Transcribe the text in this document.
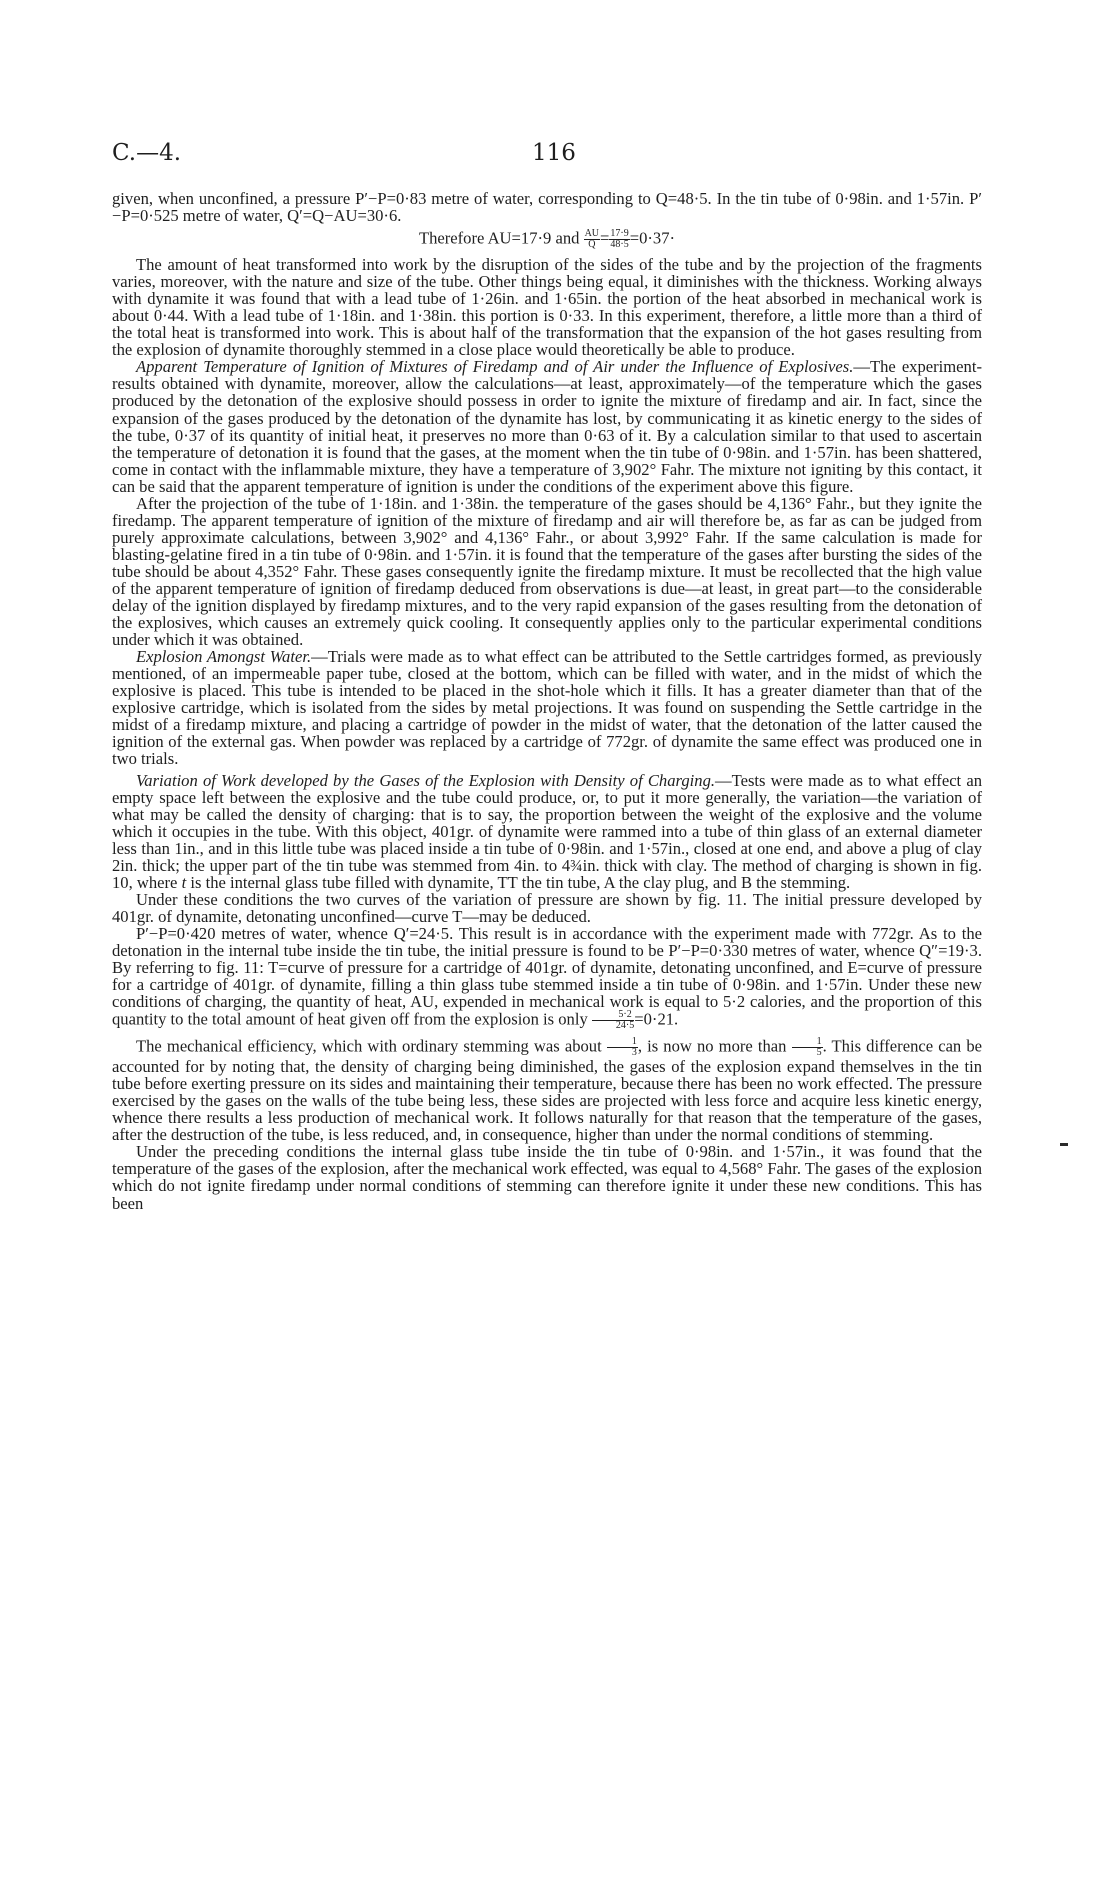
C.—4.	116

given, when unconfined, a pressure P′−P=0·83 metre of water, corresponding to Q=48·5. In the tin tube of 0·98in. and 1·57in. P′−P=0·525 metre of water, Q′=Q−AU=30·6.

Therefore AU=17·9 and $\frac{AU}{Q} = \frac{17\cdot 9}{48\cdot 5} =0\cdot 37\cdot$

The amount of heat transformed into work by the disruption of the sides of the tube and by the projection of the fragments varies, moreover, with the nature and size of the tube. Other things being equal, it diminishes with the thickness. Working always with dynamite it was found that with a lead tube of 1·26in. and 1·65in. the portion of the heat absorbed in mechanical work is about 0·44. With a lead tube of 1·18in. and 1·38in. this portion is 0·33. In this experiment, therefore, a little more than a third of the total heat is transformed into work. This is about half of the transformation that the expansion of the hot gases resulting from the explosion of dynamite thoroughly stemmed in a close place would theoretically be able to produce.

Apparent Temperature of Ignition of Mixtures of Firedamp and of Air under the Influence of Explosives.—The experiment-results obtained with dynamite, moreover, allow the calculations—at least, approximately—of the temperature which the gases produced by the detonation of the explosive should possess in order to ignite the mixture of firedamp and air. In fact, since the expansion of the gases produced by the detonation of the dynamite has lost, by communicating it as kinetic energy to the sides of the tube, 0·37 of its quantity of initial heat, it preserves no more than 0·63 of it. By a calculation similar to that used to ascertain the temperature of detonation it is found that the gases, at the moment when the tin tube of 0·98in. and 1·57in. has been shattered, come in contact with the inflammable mixture, they have a temperature of 3,902° Fahr. The mixture not igniting by this contact, it can be said that the apparent temperature of ignition is under the conditions of the experiment above this figure.

After the projection of the tube of 1·18in. and 1·38in. the temperature of the gases should be 4,136° Fahr., but they ignite the firedamp. The apparent temperature of ignition of the mixture of firedamp and air will therefore be, as far as can be judged from purely approximate calculations, between 3,902° and 4,136° Fahr., or about 3,992° Fahr. If the same calculation is made for blasting-gelatine fired in a tin tube of 0·98in. and 1·57in. it is found that the temperature of the gases after bursting the sides of the tube should be about 4,352° Fahr. These gases consequently ignite the firedamp mixture. It must be recollected that the high value of the apparent temperature of ignition of firedamp deduced from observations is due—at least, in great part—to the considerable delay of the ignition displayed by firedamp mixtures, and to the very rapid expansion of the gases resulting from the detonation of the explosives, which causes an extremely quick cooling. It consequently applies only to the particular experimental conditions under which it was obtained.

Explosion Amongst Water.—Trials were made as to what effect can be attributed to the Settle cartridges formed, as previously mentioned, of an impermeable paper tube, closed at the bottom, which can be filled with water, and in the midst of which the explosive is placed. This tube is intended to be placed in the shot-hole which it fills. It has a greater diameter than that of the explosive cartridge, which is isolated from the sides by metal projections. It was found on suspending the Settle cartridge in the midst of a firedamp mixture, and placing a cartridge of powder in the midst of water, that the detonation of the latter caused the ignition of the external gas. When powder was replaced by a cartridge of 772gr. of dynamite the same effect was produced one in two trials.

Variation of Work developed by the Gases of the Explosion with Density of Charging.—Tests were made as to what effect an empty space left between the explosive and the tube could produce, or, to put it more generally, the variation—the variation of what may be called the density of charging: that is to say, the proportion between the weight of the explosive and the volume which it occupies in the tube. With this object, 401gr. of dynamite were rammed into a tube of thin glass of an external diameter less than 1in., and in this little tube was placed inside a tin tube of 0·98in. and 1·57in., closed at one end, and above a plug of clay 2in. thick; the upper part of the tin tube was stemmed from 4in. to 4¾in. thick with clay. The method of charging is shown in fig. 10, where t is the internal glass tube filled with dynamite, TT the tin tube, A the clay plug, and B the stemming.

Under these conditions the two curves of the variation of pressure are shown by fig. 11. The initial pressure developed by 401gr. of dynamite, detonating unconfined—curve T—may be deduced.

P′−P=0·420 metres of water, whence Q′=24·5. This result is in accordance with the experiment made with 772gr. As to the detonation in the internal tube inside the tin tube, the initial pressure is found to be P′−P=0·330 metres of water, whence Q″=19·3. By referring to fig. 11: T=curve of pressure for a cartridge of 401gr. of dynamite, detonating unconfined, and E=curve of pressure for a cartridge of 401gr. of dynamite, filling a thin glass tube stemmed inside a tin tube of 0·98in. and 1·57in. Under these new conditions of charging, the quantity of heat, AU, expended in mechanical work is equal to 5·2 calories, and the proportion of this quantity to the total amount of heat given off from the explosion is only $\frac{5\cdot 2}{24\cdot 5} =0\cdot 21$.

The mechanical efficiency, which with ordinary stemming was about $\frac{1}{3}$ , is now no more than $\frac{1}{5}$ . This difference can be accounted for by noting that, the density of charging being diminished, the gases of the explosion expand themselves in the tin tube before exerting pressure on its sides and maintaining their temperature, because there has been no work effected. The pressure exercised by the gases on the walls of the tube being less, these sides are projected with less force and acquire less kinetic energy, whence there results a less production of mechanical work. It follows naturally for that reason that the temperature of the gases, after the destruction of the tube, is less reduced, and, in consequence, higher than under the normal conditions of stemming.

Under the preceding conditions the internal glass tube inside the tin tube of 0·98in. and 1·57in., it was found that the temperature of the gases of the explosion, after the mechanical work effected, was equal to 4,568° Fahr. The gases of the explosion which do not ignite firedamp under normal conditions of stemming can therefore ignite it under these new conditions. This has been
